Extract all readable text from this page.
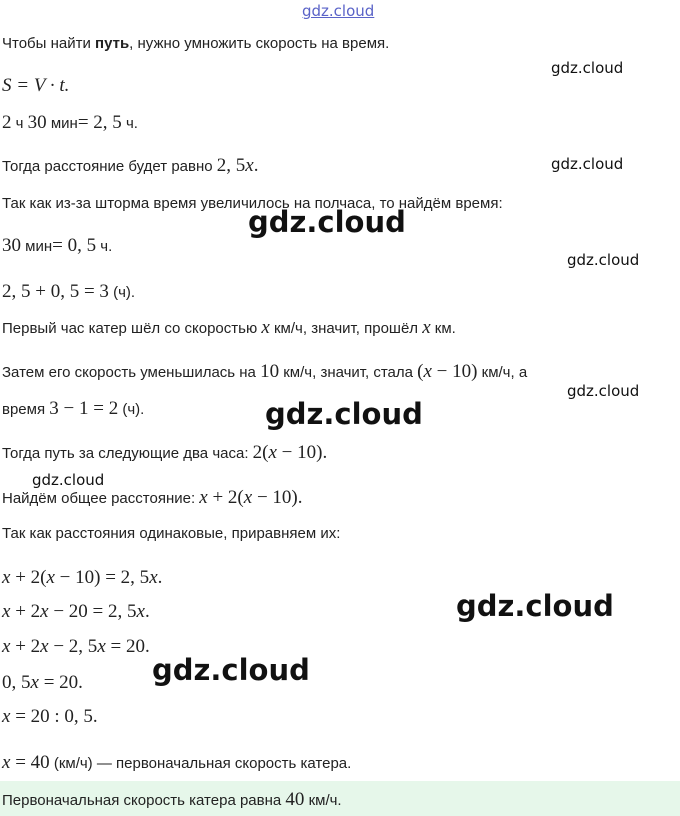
gdz.cloud
gdz.cloud
gdz.cloud
gdz.cloud
gdz.cloud
gdz.cloud
gdz.cloud
gdz.cloud
gdz.cloud
gdz.cloud
Чтобы найти путь, нужно умножить скорость на время.
S = V · t.
2 ч 30 мин= 2, 5 ч.
Тогда расстояние будет равно 2, 5x.
Так как из-за шторма время увеличилось на полчаса, то найдём время:
30 мин= 0, 5 ч.
2, 5 + 0, 5 = 3 (ч).
Первый час катер шёл со скоростью x км/ч, значит, прошёл x км.
Затем его скорость уменьшилась на 10 км/ч, значит, стала (x − 10) км/ч, а
время 3 − 1 = 2 (ч).
Тогда путь за следующие два часа: 2(x − 10).
Найдём общее расстояние: x + 2(x − 10).
Так как расстояния одинаковые, приравняем их:
x + 2(x − 10) = 2, 5x.
x + 2x − 20 = 2, 5x.
x + 2x − 2, 5x = 20.
0, 5x = 20.
x = 20 : 0, 5.
x = 40 (км/ч) — первоначальная скорость катера.
Первоначальная скорость катера равна 40 км/ч.
